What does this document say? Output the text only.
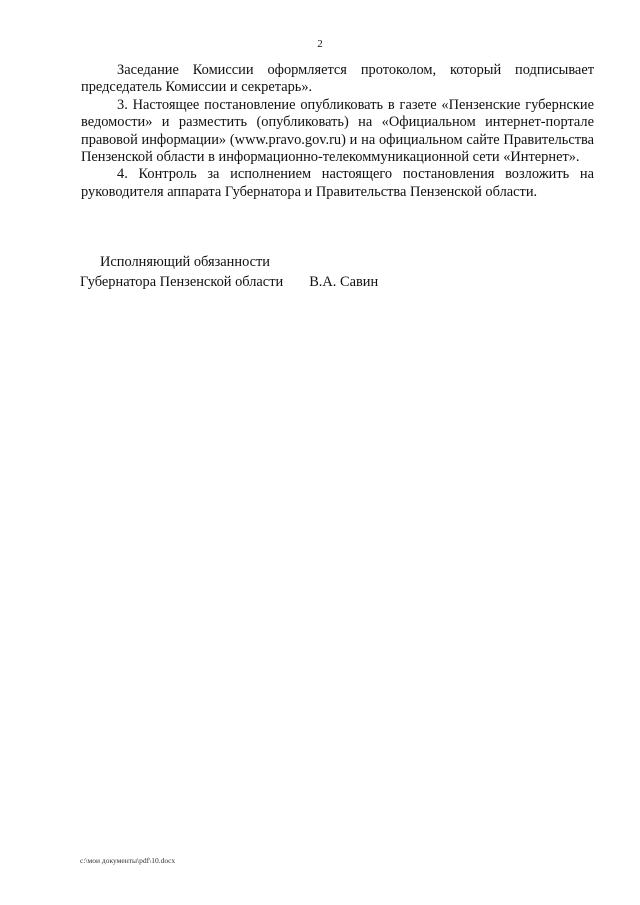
2

Заседание Комиссии оформляется протоколом, который подписывает председатель Комиссии и секретарь».

3. Настоящее постановление опубликовать в газете «Пензенские губернские ведомости» и разместить (опубликовать) на «Официальном интернет-портале правовой информации» (www.pravo.gov.ru) и на официальном сайте Правительства Пензенской области в информационно-телекоммуникационной сети «Интернет».

4. Контроль за исполнением настоящего постановления возложить на руководителя аппарата Губернатора и Правительства Пензенской области.

Исполняющий обязанности
Губернатора Пензенской области В.А. Савин
c:\мои документы\pdf\10.docx
